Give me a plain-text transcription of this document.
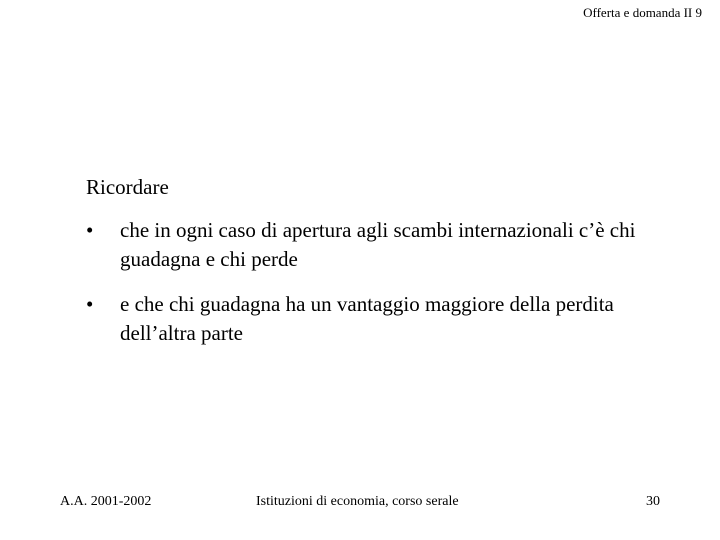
Offerta e domanda II 9
Ricordare
• che in ogni caso di apertura agli scambi internazionali c’è chi guadagna e chi perde
• e che chi guadagna ha un vantaggio maggiore della perdita dell’altra parte
A.A. 2001-2002	Istituzioni di economia, corso serale	30
